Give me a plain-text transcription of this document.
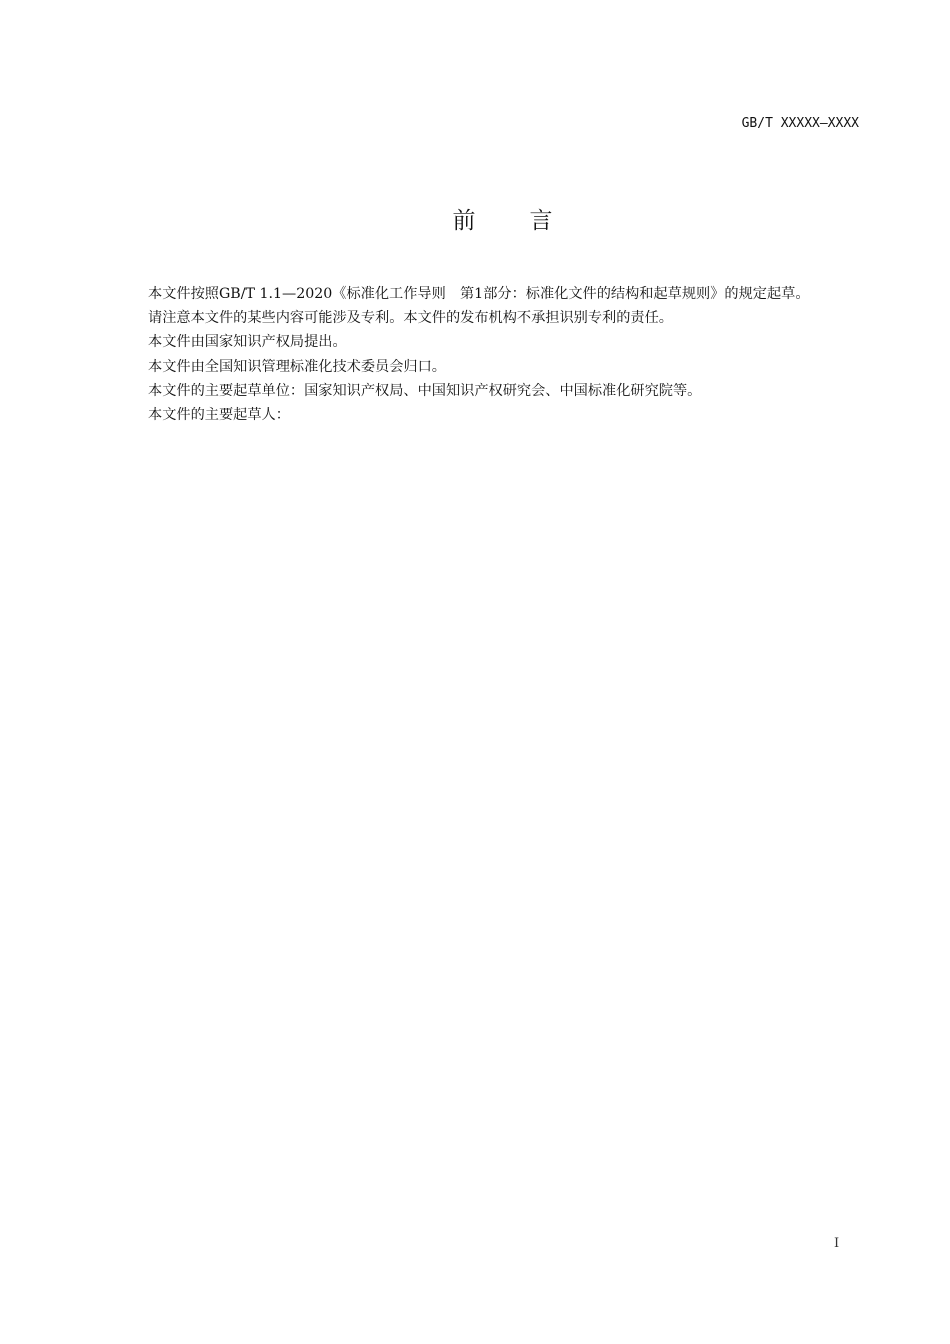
GB/T XXXXX—XXXX
前 言

本文件按照GB/T 1.1—2020《标准化工作导则　第1部分：标准化文件的结构和起草规则》的规定起草。

请注意本文件的某些内容可能涉及专利。本文件的发布机构不承担识别专利的责任。

本文件由国家知识产权局提出。

本文件由全国知识管理标准化技术委员会归口。

本文件的主要起草单位：国家知识产权局、中国知识产权研究会、中国标准化研究院等。

本文件的主要起草人：

I
